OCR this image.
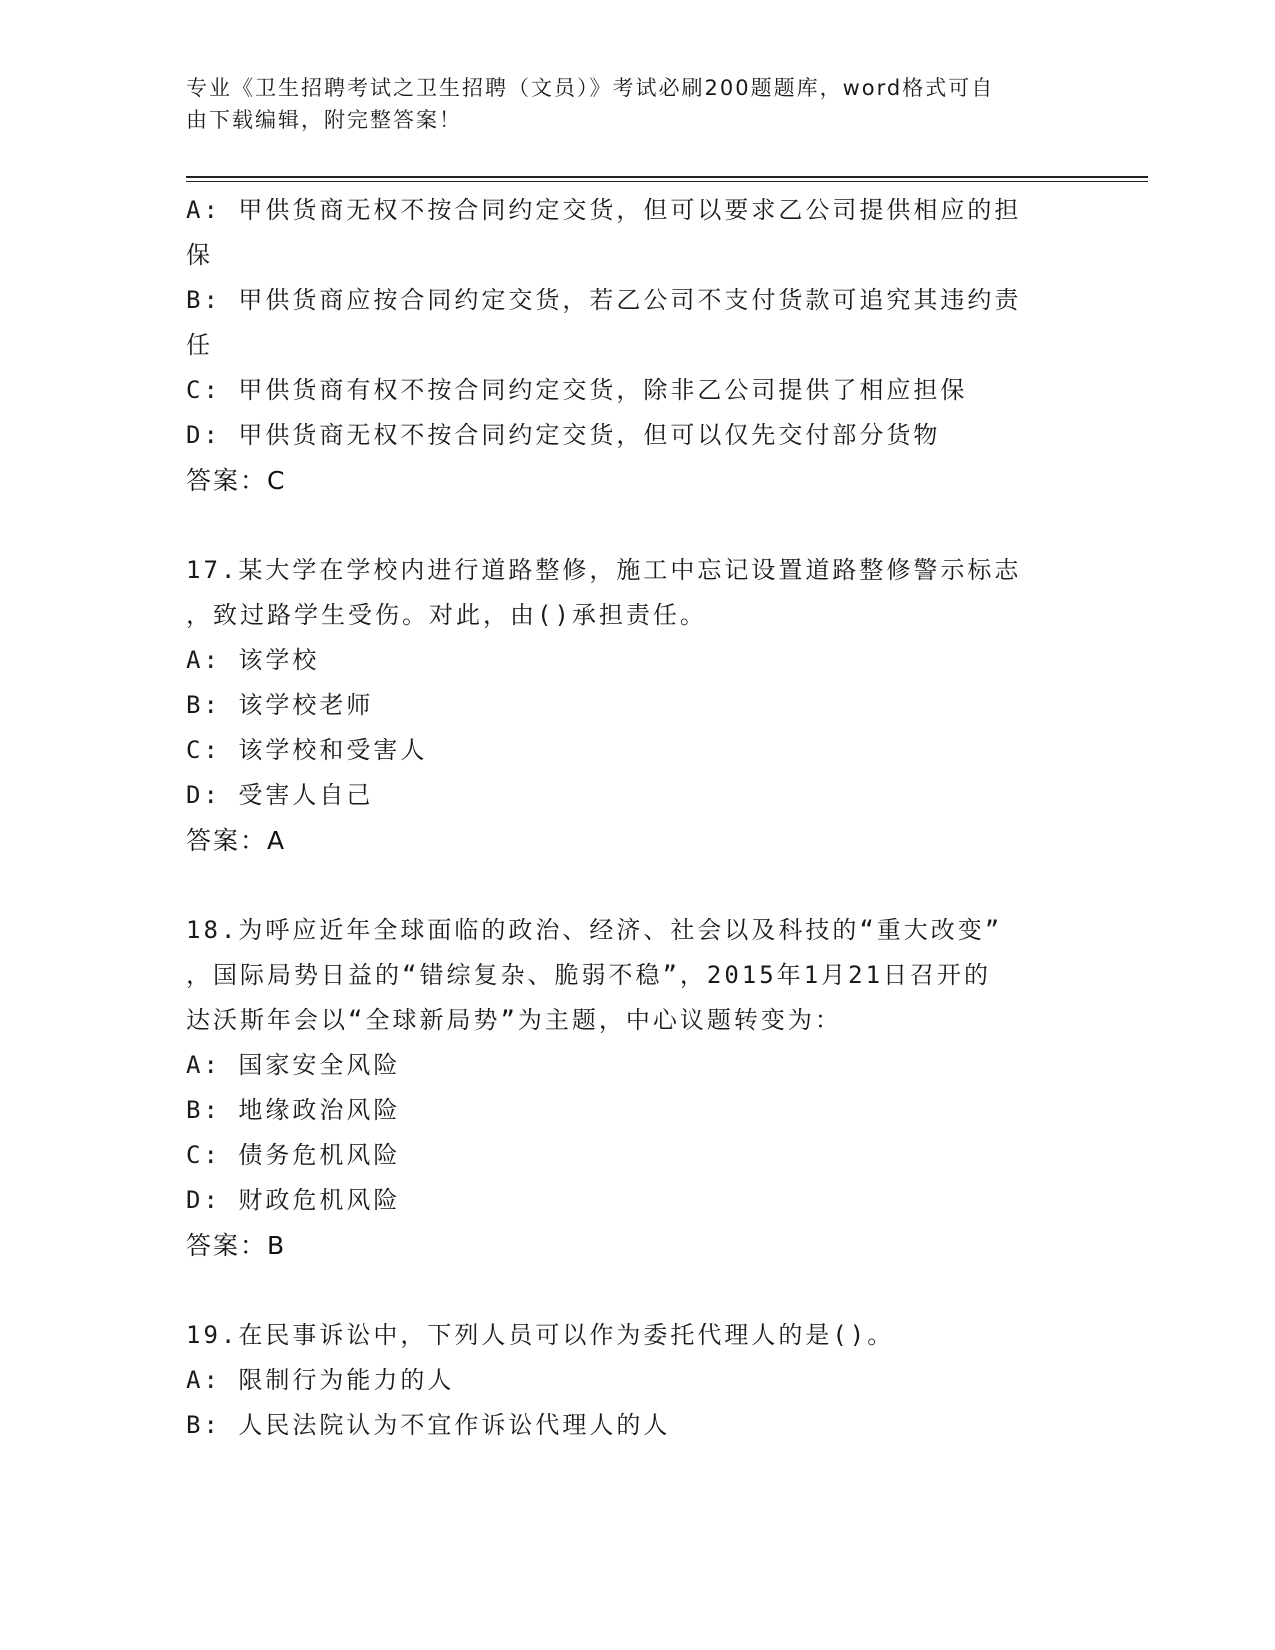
专业《卫生招聘考试之卫生招聘（文员）》考试必刷200题题库，word格式可自
由下载编辑，附完整答案！
A: 甲供货商无权不按合同约定交货，但可以要求乙公司提供相应的担
保
B: 甲供货商应按合同约定交货，若乙公司不支付货款可追究其违约责
任
C: 甲供货商有权不按合同约定交货，除非乙公司提供了相应担保
D: 甲供货商无权不按合同约定交货，但可以仅先交付部分货物
答案：C
17.某大学在学校内进行道路整修，施工中忘记设置道路整修警示标志
，致过路学生受伤。对此，由()承担责任。
A: 该学校
B: 该学校老师
C: 该学校和受害人
D: 受害人自己
答案：A
18.为呼应近年全球面临的政治、经济、社会以及科技的“重大改变”
，国际局势日益的“错综复杂、脆弱不稳”，2015年1月21日召开的
达沃斯年会以“全球新局势”为主题，中心议题转变为：
A: 国家安全风险
B: 地缘政治风险
C: 债务危机风险
D: 财政危机风险
答案：B
19.在民事诉讼中，下列人员可以作为委托代理人的是()。
A: 限制行为能力的人
B: 人民法院认为不宜作诉讼代理人的人
